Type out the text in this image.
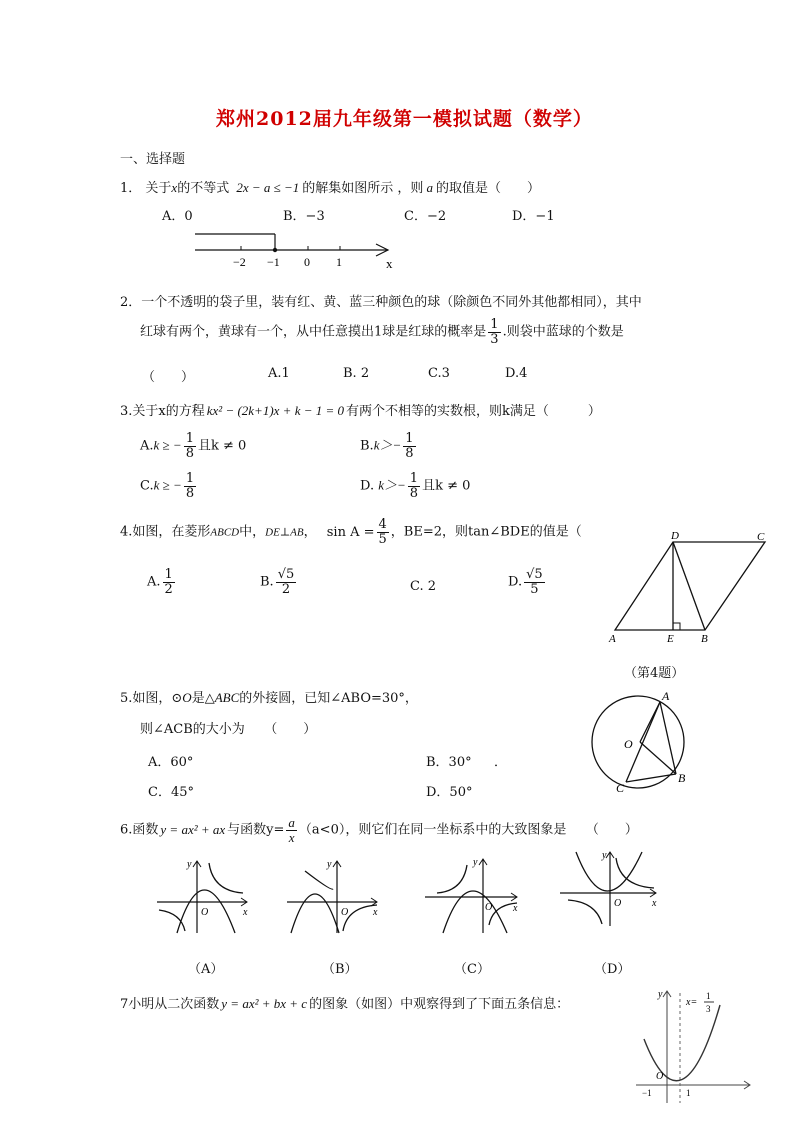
郑州2012届九年级第一模拟试题（数学）
一、选择题
1． 关于x的不等式 2x − a ≤ −1 的解集如图所示 ，则 a 的取值是（　　）
A．0	B．−3	C．−2	D．−1
−2 −1 0 1	x
2．一个不透明的袋子里，装有红、黄、蓝三种颜色的球（除颜色不同外其他都相同），其中
红球有两个，黄球有一个，从中任意摸出1球是红球的概率是 $\frac{1}{3}$ .则袋中蓝球的个数是
（　　）	A.1	B. 2	C.3	D.4
3.关于x的方程 kx² − (2k+1)x + k − 1 = 0 有两个不相等的实数根，则k满足（　　　）
A.k ≥ − $\frac{1}{8}$ 且k ≠ 0	$B.k>- \frac{1}{8}$
C.k ≥ − $\frac{1}{8}$	D. $k>- \frac{1}{8}$ 且k ≠ 0
4.如图，在菱形ABCD中，DE⊥AB， $\sin A = \frac{4}{5}$ ，BE=2，则tan∠BDE的值是（
A. $\frac{1}{2}$	B. $\frac{√5}{2}$	C. 2	D. $\frac{√5}{5}$
A	B
C
D
E
（第4题）
5.如图，⊙O是△ABC的外接圆，已知∠ABO=30°，
则∠ACB的大小为　　（　　）
A．60°	B．30° ．
C．45°	D．50°
A
O
B
C
6.函数 y = ax² + ax 与函数$y= \frac{a}{x} (a<0)$，则它们在同一坐标系中的大致图象是　　（　　）
y
x
O
y
x
O
y
x
O
y
x
O
（A）	（B）	（C）	（D）
7小明从二次函数 y = ax² + bx + c 的图象（如图）中观察得到了下面五条信息：
y
O
−1	1
x=
1
3
